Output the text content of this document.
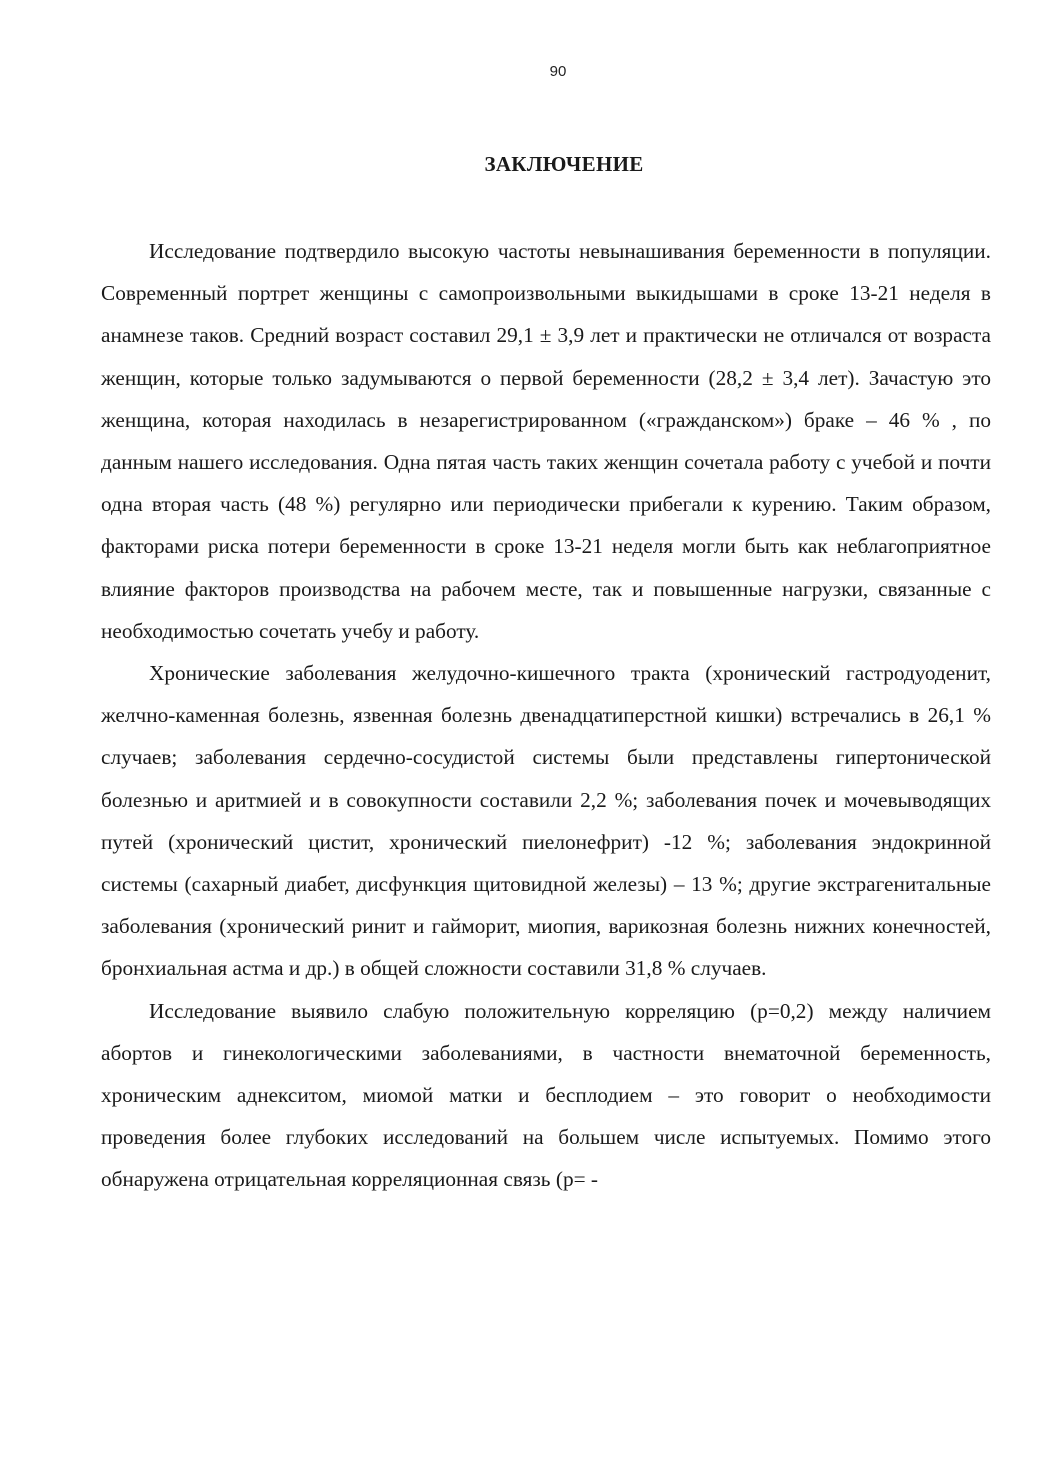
90
ЗАКЛЮЧЕНИЕ

Исследование подтвердило высокую частоты невынашивания беременности в популяции. Современный портрет женщины с самопроизвольными выкидышами в сроке 13-21 неделя в анамнезе таков. Средний возраст составил 29,1 ± 3,9 лет и практически не отличался от возраста женщин, которые только задумываются о первой беременности (28,2 ± 3,4 лет). Зачастую это женщина, которая находилась в незарегистрированном («гражданском») браке – 46 % , по данным нашего исследования. Одна пятая часть таких женщин сочетала работу с учебой и почти одна вторая часть (48 %) регулярно или периодически прибегали к курению. Таким образом, факторами риска потери беременности в сроке 13-21 неделя могли быть как неблагоприятное влияние факторов производства на рабочем месте, так и повышенные нагрузки, связанные с необходимостью сочетать учебу и работу.

Хронические заболевания желудочно-кишечного тракта (хронический гастродуоденит, желчно-каменная болезнь, язвенная болезнь двенадцатиперстной кишки) встречались в 26,1 % случаев; заболевания сердечно-сосудистой системы были представлены гипертонической болезнью и аритмией и в совокупности составили 2,2 %; заболевания почек и мочевыводящих путей (хронический цистит, хронический пиелонефрит) -12 %; заболевания эндокринной системы (сахарный диабет, дисфункция щитовидной железы) – 13 %; другие экстрагенитальные заболевания (хронический ринит и гайморит, миопия, варикозная болезнь нижних конечностей, бронхиальная астма и др.) в общей сложности составили 31,8 % случаев.

Исследование выявило слабую положительную корреляцию (p=0,2) между наличием абортов и гинекологическими заболеваниями, в частности внематочной беременность, хроническим аднекситом, миомой матки и бесплодием – это говорит о необходимости проведения более глубоких исследований на большем числе испытуемых. Помимо этого обнаружена отрицательная корреляционная связь (p= -
